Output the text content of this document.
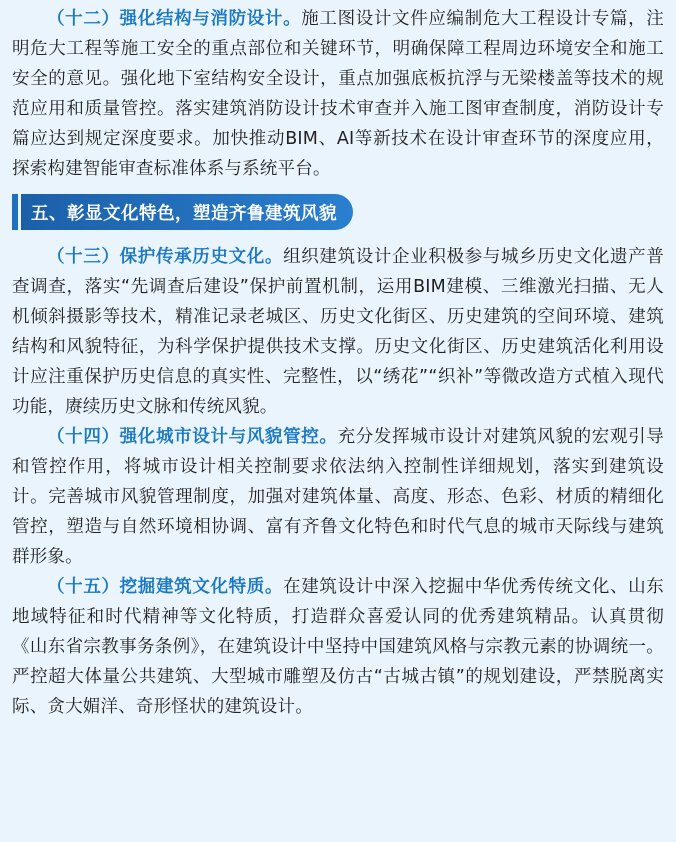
（十二）强化结构与消防设计。施工图设计文件应编制危大工程设计专篇，注明危大工程等施工安全的重点部位和关键环节，明确保障工程周边环境安全和施工安全的意见。强化地下室结构安全设计，重点加强底板抗浮与无梁楼盖等技术的规范应用和质量管控。落实建筑消防设计技术审查并入施工图审查制度，消防设计专篇应达到规定深度要求。加快推动BIM、AI等新技术在设计审查环节的深度应用，探索构建智能审查标准体系与系统平台。

五、彰显文化特色，塑造齐鲁建筑风貌

（十三）保护传承历史文化。组织建筑设计企业积极参与城乡历史文化遗产普查调查，落实“先调查后建设”保护前置机制，运用BIM建模、三维激光扫描、无人机倾斜摄影等技术，精准记录老城区、历史文化街区、历史建筑的空间环境、建筑结构和风貌特征，为科学保护提供技术支撑。历史文化街区、历史建筑活化利用设计应注重保护历史信息的真实性、完整性，以“绣花”“织补”等微改造方式植入现代功能，赓续历史文脉和传统风貌。

（十四）强化城市设计与风貌管控。充分发挥城市设计对建筑风貌的宏观引导和管控作用，将城市设计相关控制要求依法纳入控制性详细规划，落实到建筑设计。完善城市风貌管理制度，加强对建筑体量、高度、形态、色彩、材质的精细化管控，塑造与自然环境相协调、富有齐鲁文化特色和时代气息的城市天际线与建筑群形象。

（十五）挖掘建筑文化特质。在建筑设计中深入挖掘中华优秀传统文化、山东地域特征和时代精神等文化特质，打造群众喜爱认同的优秀建筑精品。认真贯彻《山东省宗教事务条例》，在建筑设计中坚持中国建筑风格与宗教元素的协调统一。严控超大体量公共建筑、大型城市雕塑及仿古“古城古镇”的规划建设，严禁脱离实际、贪大媚洋、奇形怪状的建筑设计。
